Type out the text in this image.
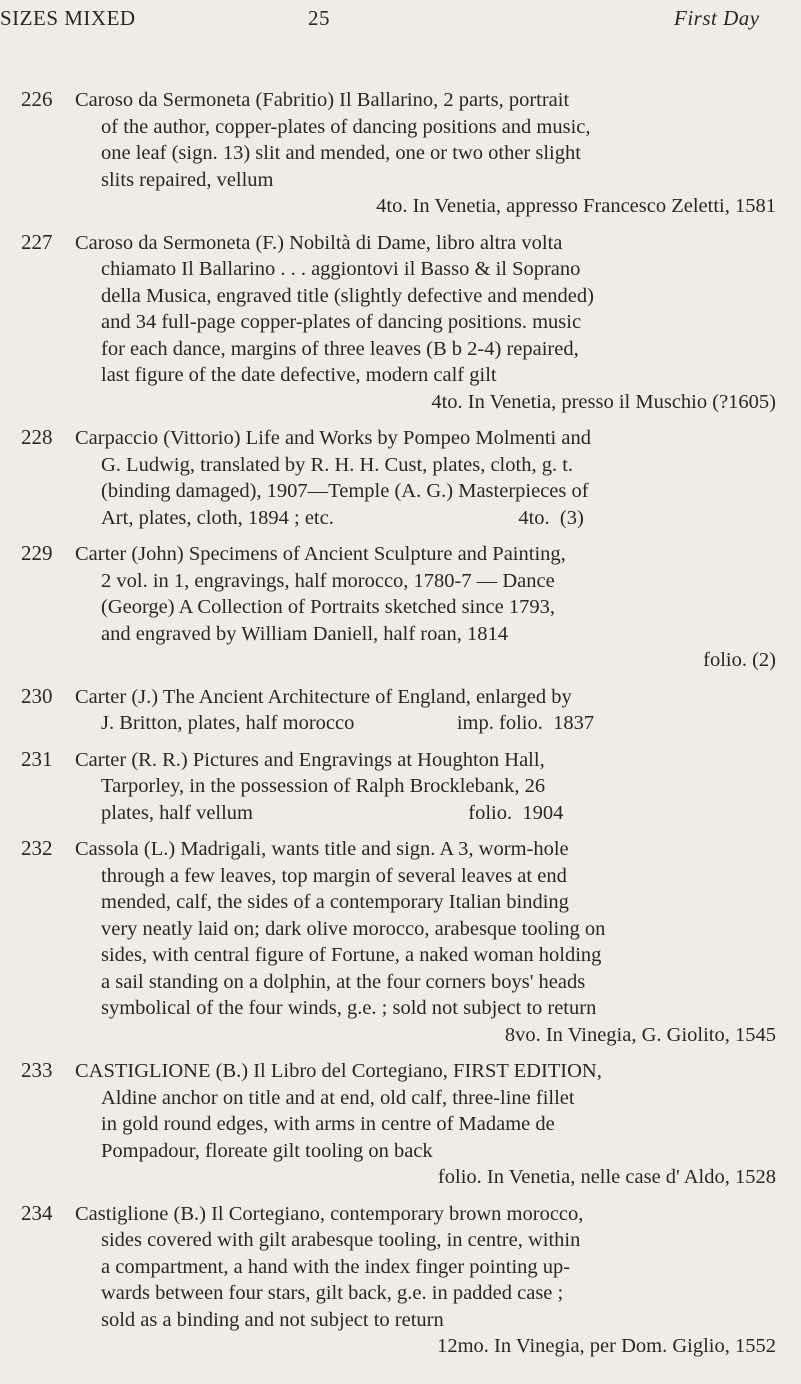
SIZES MIXED	25	First Day
226 Caroso da Sermoneta (Fabritio) Il Ballarino, 2 parts, portrait
of the author, copper-plates of dancing positions and music,
one leaf (sign. 13) slit and mended, one or two other slight
slits repaired, vellum
4to. In Venetia, appresso Francesco Zeletti, 1581
227 Caroso da Sermoneta (F.) Nobiltà di Dame, libro altra volta
chiamato Il Ballarino . . . aggiontovi il Basso & il Soprano
della Musica, engraved title (slightly defective and mended)
and 34 full-page copper-plates of dancing positions. music
for each dance, margins of three leaves (B b 2-4) repaired,
last figure of the date defective, modern calf gilt
4to. In Venetia, presso il Muschio (?1605)
228 Carpaccio (Vittorio) Life and Works by Pompeo Molmenti and
G. Ludwig, translated by R. H. H. Cust, plates, cloth, g. t.
(binding damaged), 1907—Temple (A. G.) Masterpieces of
Art, plates, cloth, 1894 ; etc.                                    4to.  (3)
229 Carter (John) Specimens of Ancient Sculpture and Painting,
2 vol. in 1, engravings, half morocco, 1780-7 — Dance
(George) A Collection of Portraits sketched since 1793,
and engraved by William Daniell, half roan, 1814
folio. (2)
230 Carter (J.) The Ancient Architecture of England, enlarged by
J. Britton, plates, half morocco                    imp. folio.  1837
231 Carter (R. R.) Pictures and Engravings at Houghton Hall,
Tarporley, in the possession of Ralph Brocklebank, 26
plates, half vellum                                          folio.  1904
232 Cassola (L.) Madrigali, wants title and sign. A 3, worm-hole
through a few leaves, top margin of several leaves at end
mended, calf, the sides of a contemporary Italian binding
very neatly laid on; dark olive morocco, arabesque tooling on
sides, with central figure of Fortune, a naked woman holding
a sail standing on a dolphin, at the four corners boys' heads
symbolical of the four winds, g.e. ; sold not subject to return
8vo. In Vinegia, G. Giolito, 1545
233 CASTIGLIONE (B.) Il Libro del Cortegiano, FIRST EDITION,
Aldine anchor on title and at end, old calf, three-line fillet
in gold round edges, with arms in centre of Madame de
Pompadour, floreate gilt tooling on back
folio. In Venetia, nelle case d' Aldo, 1528
234 Castiglione (B.) Il Cortegiano, contemporary brown morocco,
sides covered with gilt arabesque tooling, in centre, within
a compartment, a hand with the index finger pointing up-
wards between four stars, gilt back, g.e. in padded case ;
sold as a binding and not subject to return
12mo. In Vinegia, per Dom. Giglio, 1552
